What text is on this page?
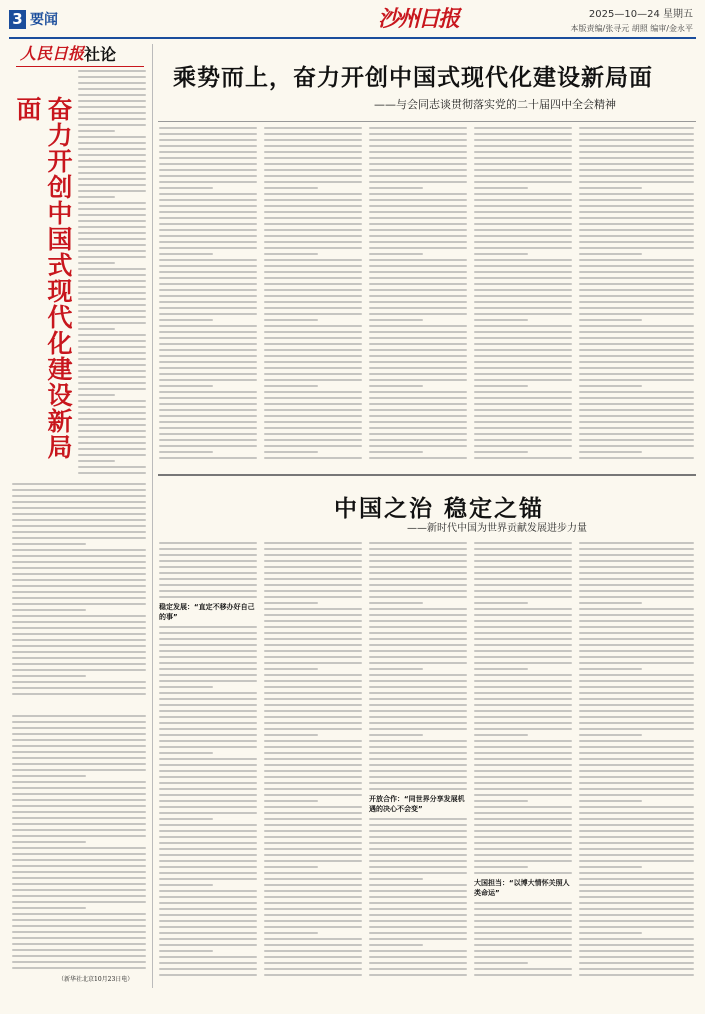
3 要闻	沙州日报	2025—10—24 星期五
本版责编/张寻元 胡照 编审/金永平
人民日报 社论
奋力开创中国式现代化建设新局面
（新华社北京10月23日电）
乘势而上，奋力开创中国式现代化建设新局面
——与会同志谈贯彻落实党的二十届四中全会精神
中国之治 稳定之锚
——新时代中国为世界贡献发展进步力量
稳定发展：“直定不移办好自己的事”
开放合作：“同世界分享发展机遇的决心不会变”
大国担当：“以博大情怀关照人类命运”
